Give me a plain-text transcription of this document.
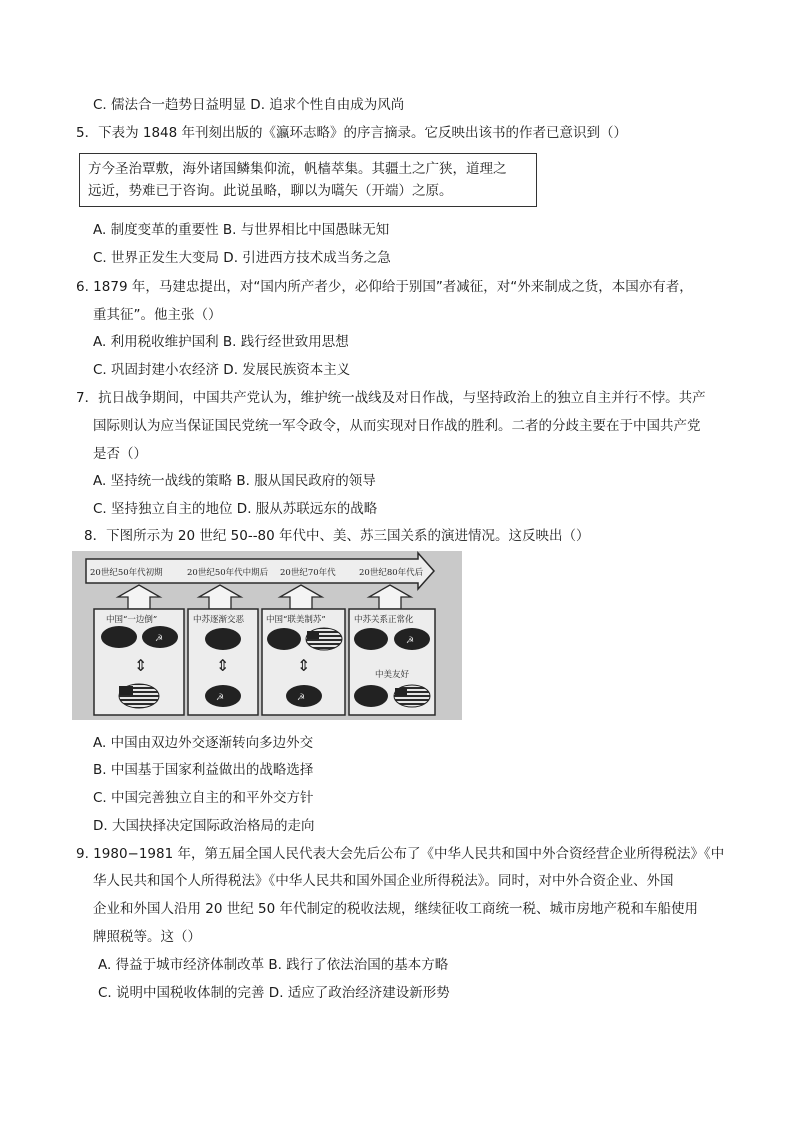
C. 儒法合一趋势日益明显 D. 追求个性自由成为风尚
5．下表为 1848 年刊刻出版的《瀛环志略》的序言摘录。它反映出该书的作者已意识到（）
方今圣治覃敷，海外诸国鳞集仰流，帆樯萃集。其疆土之广狭，道理之
远近，势难已于咨询。此说虽略，聊以为嚆矢（开端）之原。
A. 制度变革的重要性 B. 与世界相比中国愚昧无知
C. 世界正发生大变局 D. 引进西方技术成当务之急
6. 1879 年，马建忠提出，对“国内所产者少，必仰给于别国”者减征，对“外来制成之货，本国亦有者，
重其征”。他主张（）
A. 利用税收维护国利 B. 践行经世致用思想
C. 巩固封建小农经济 D. 发展民族资本主义
7．抗日战争期间，中国共产党认为，维护统一战线及对日作战，与坚持政治上的独立自主并行不悖。共产
国际则认为应当保证国民党统一军令政令，从而实现对日作战的胜利。二者的分歧主要在于中国共产党
是否（）
A. 坚持统一战线的策略 B. 服从国民政府的领导
C. 坚持独立自主的地位 D. 服从苏联远东的战略
8．下图所示为 20 世纪 50--80 年代中、美、苏三国关系的演进情况。这反映出（）
20世纪50年代初期	20世纪50年代中期后 20世纪70年代	20世纪80年代后
中国“一边倒”	中苏逐渐交恶	中国“联美制苏”	中苏关系正常化
☭
⇕	⇕
☭
⇕
☭
☭
中美友好
A. 中国由双边外交逐渐转向多边外交
B. 中国基于国家利益做出的战略选择
C. 中国完善独立自主的和平外交方针
D. 大国抉择决定国际政治格局的走向
9. 1980−1981 年，第五届全国人民代表大会先后公布了《中华人民共和国中外合资经营企业所得税法》《中
华人民共和国个人所得税法》《中华人民共和国外国企业所得税法》。同时，对中外合资企业、外国
企业和外国人沿用 20 世纪 50 年代制定的税收法规，继续征收工商统一税、城市房地产税和车船使用
牌照税等。这（）
A. 得益于城市经济体制改革 B. 践行了依法治国的基本方略
C. 说明中国税收体制的完善 D. 适应了政治经济建设新形势
